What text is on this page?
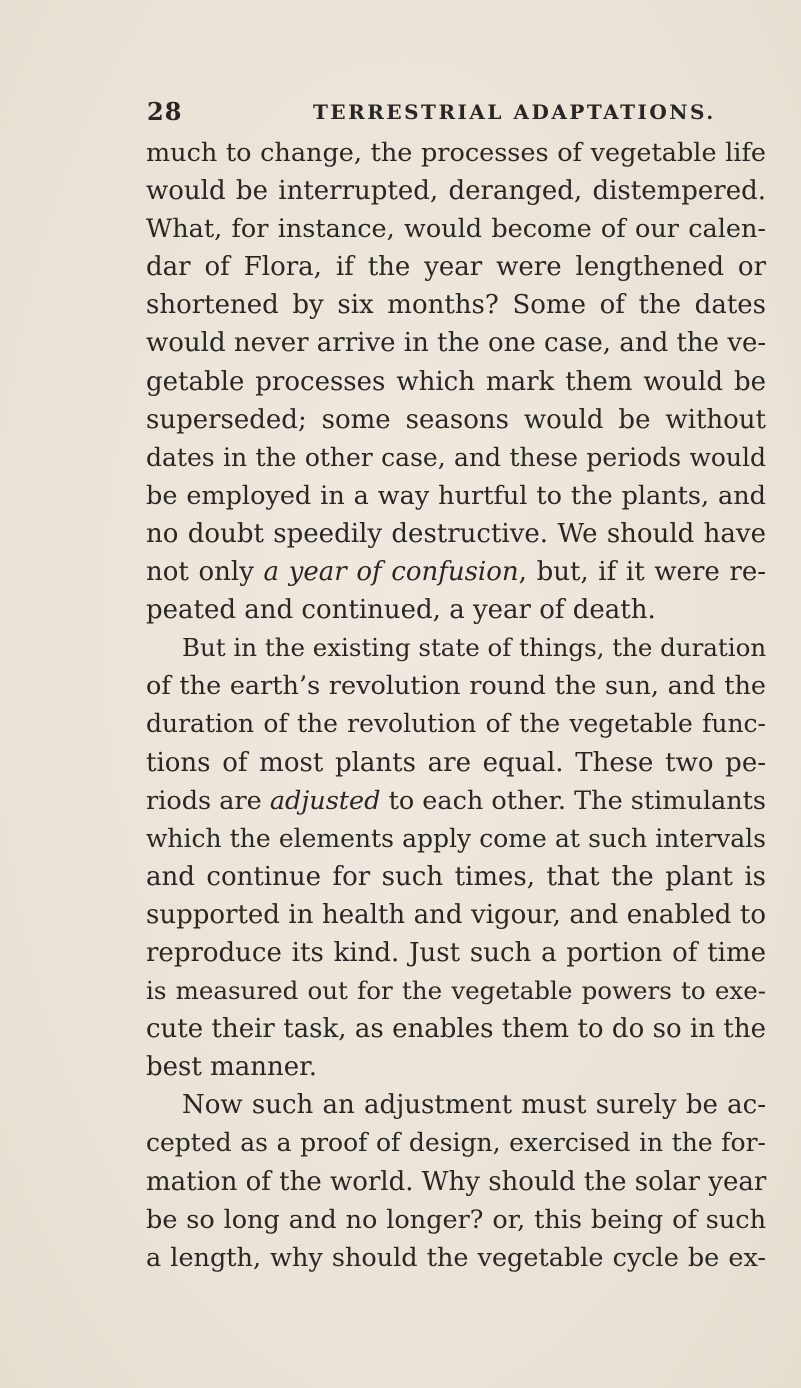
28	TERRESTRIAL ADAPTATIONS.
much to change, the processes of vegetable life
would be interrupted, deranged, distempered.
What, for instance, would become of our calen-
dar of Flora, if the year were lengthened or
shortened by six months? Some of the dates
would never arrive in the one case, and the ve-
getable processes which mark them would be
superseded; some seasons would be without
dates in the other case, and these periods would
be employed in a way hurtful to the plants, and
no doubt speedily destructive. We should have
not only a year of confusion, but, if it were re-
peated and continued, a year of death.
But in the existing state of things, the duration
of the earth’s revolution round the sun, and the
duration of the revolution of the vegetable func-
tions of most plants are equal. These two pe-
riods are adjusted to each other. The stimulants
which the elements apply come at such intervals
and continue for such times, that the plant is
supported in health and vigour, and enabled to
reproduce its kind. Just such a portion of time
is measured out for the vegetable powers to exe-
cute their task, as enables them to do so in the
best manner.
Now such an adjustment must surely be ac-
cepted as a proof of design, exercised in the for-
mation of the world. Why should the solar year
be so long and no longer? or, this being of such
a length, why should the vegetable cycle be ex-
